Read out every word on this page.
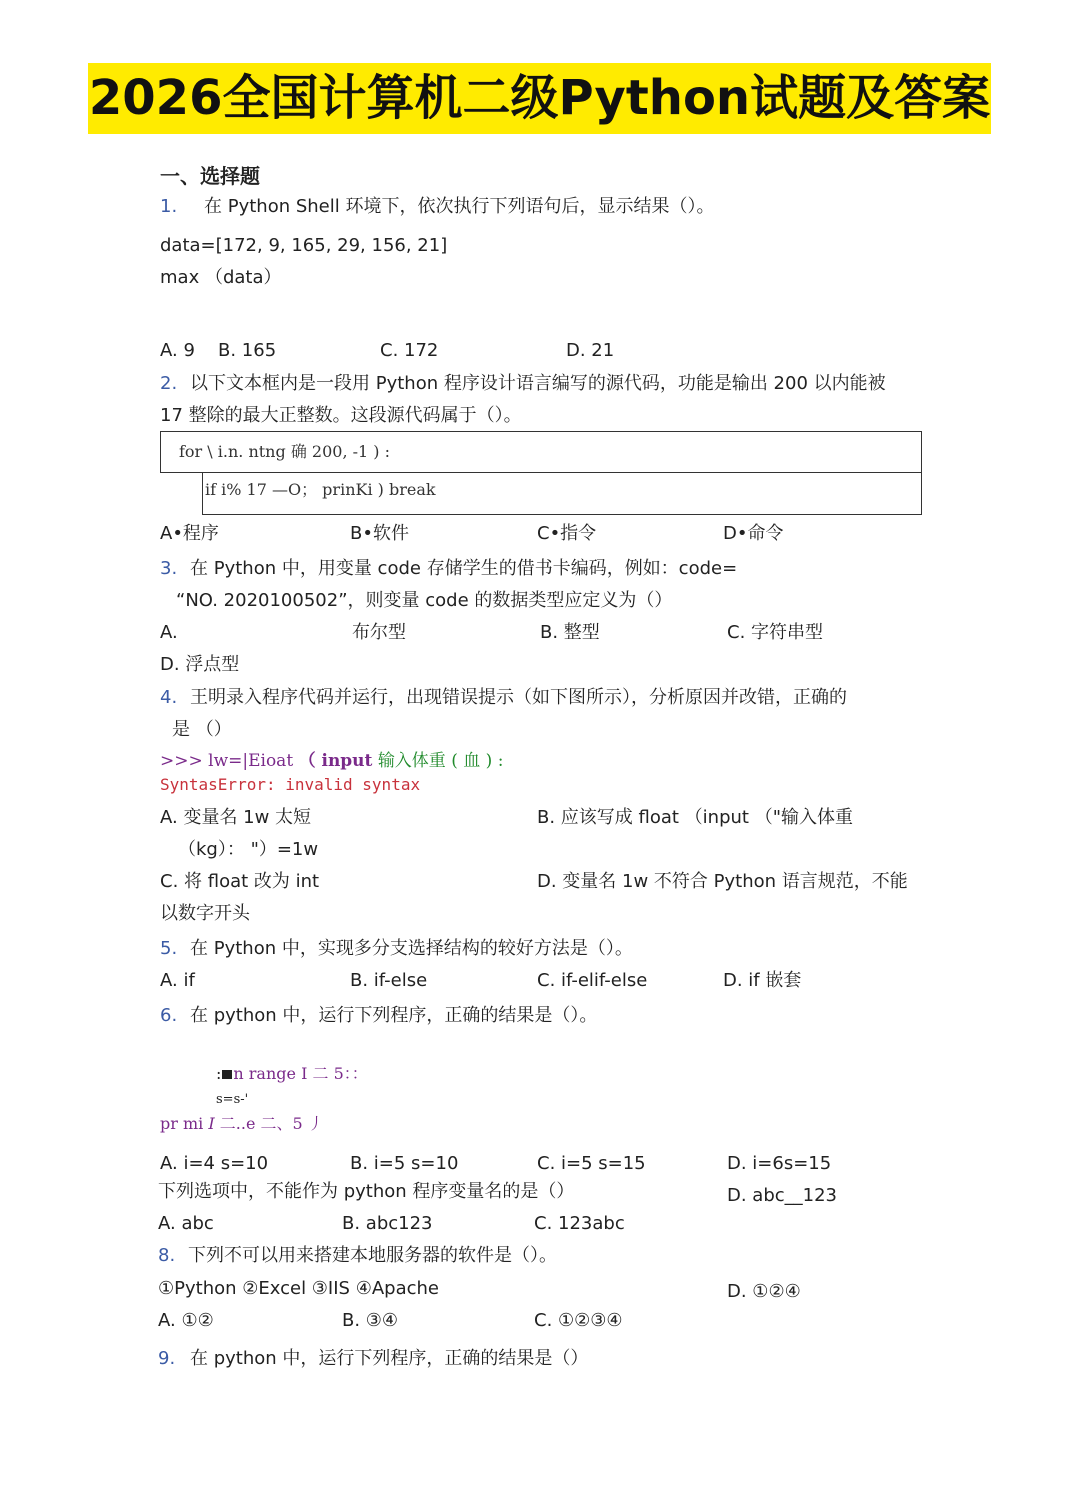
2026全国计算机二级Python试题及答案
一、选择题
1. 在 Python Shell 环境下，依次执行下列语句后，显示结果（）。
data=[172, 9, 165, 29, 156, 21]
max （data）
A. 9 B. 165	C. 172	D. 21
2. 以下文本框内是一段用 Python 程序设计语言编写的源代码，功能是输出 200 以内能被
17 整除的最大正整数。这段源代码属于（）。
for \ i.n. ntng 确 200, -1 ) :
if i% 17 —O； prinKi ) break
A•程序	B•软件	C•指令	D•命令
3. 在 Python 中，用变量 code 存储学生的借书卡编码，例如：code=
“NO. 2020100502”，则变量 code 的数据类型应定义为（）
A.	布尔型	B. 整型	C. 字符串型
D. 浮点型
4. 王明录入程序代码并运行，出现错误提示（如下图所示），分析原因并改错，正确的
是 （）
>>> lw=|Eioat （ input 输入体重 ( 血 ) :
SyntasError: invalid syntax
A. 变量名 1w 太短	B. 应该写成 float （input （"输入体重
（kg）： "）=1w
C. 将 float 改为 int	D. 变量名 1w 不符合 Python 语言规范，不能
以数字开头
5. 在 Python 中，实现多分支选择结构的较好方法是（）。
A. if	B. if-else	C. if-elif-else	D. if 嵌套
6. 在 python 中，运行下列程序，正确的结果是（）。
: n range I 二 5：：
s=s-'
pr mi I 二..e 二、5 丿
A. i=4 s=10	B. i=5 s=10	C. i=5 s=15	D. i=6s=15
下列选项中，不能作为 python 程序变量名的是（）	D. abc__123
A. abc	B. abc123	C. 123abc
8. 下列不可以用来搭建本地服务器的软件是（）。
①Python ②Excel ③IIS ④Apache	D. ①②④
A. ①②	B. ③④	C. ①②③④
9. 在 python 中，运行下列程序，正确的结果是（）
